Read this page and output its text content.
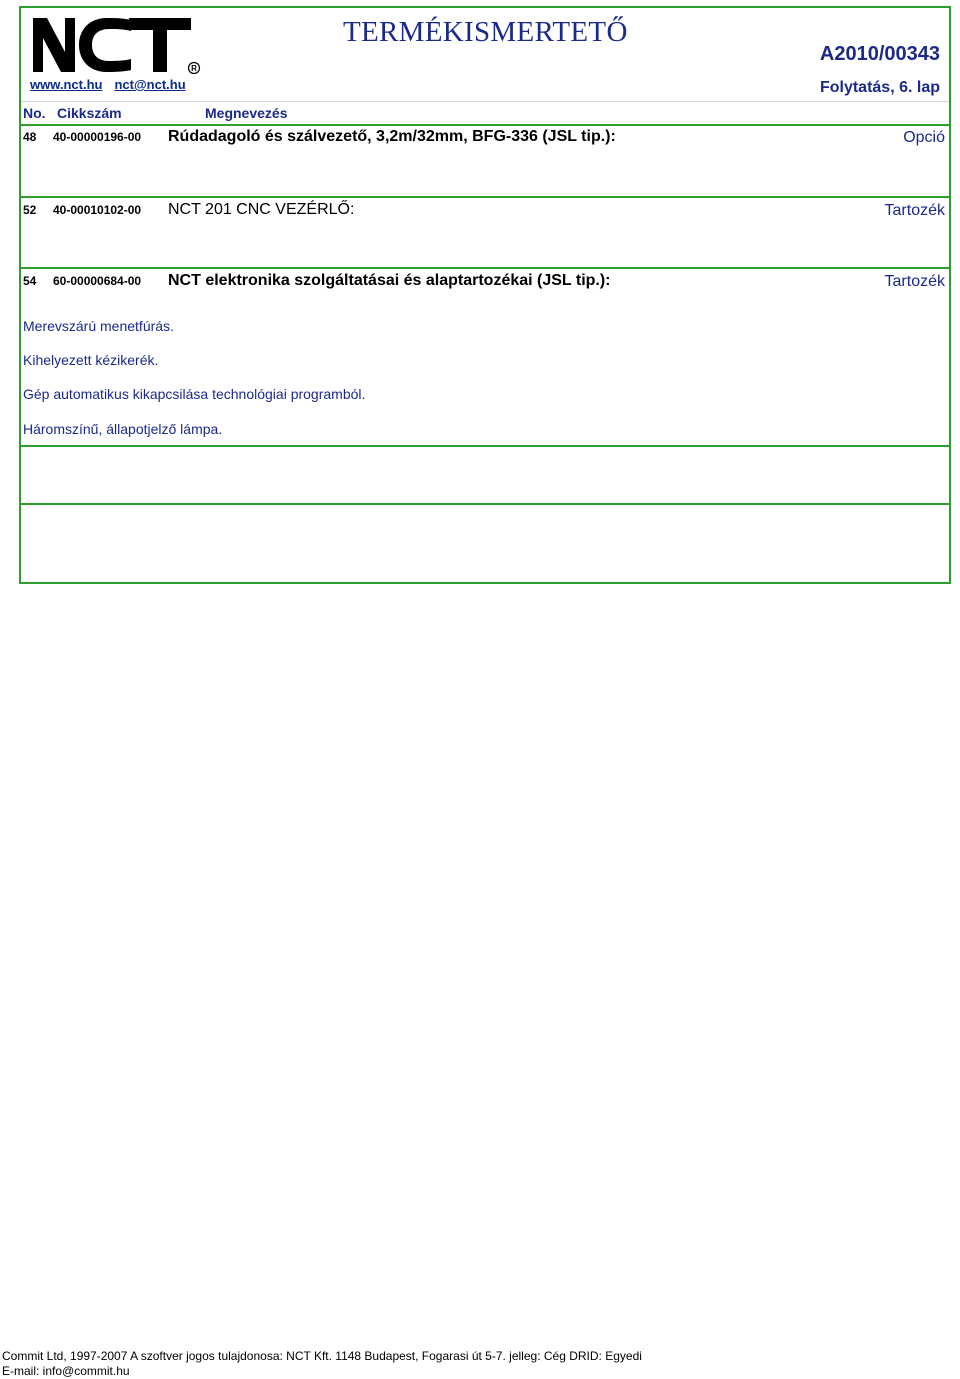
R
www.nct.hu nct@nct.hu
TERMÉKISMERTETŐ
A2010/00343
Folytatás, 6. lap
No. Cikkszám	Megnevezés
48 40-00000196-00 Rúdadagoló és szálvezető, 3,2m/32mm, BFG-336 (JSL tip.):	Opció
52 40-00010102-00 NCT 201 CNC VEZÉRLŐ:	Tartozék
54 60-00000684-00 NCT elektronika szolgáltatásai és alaptartozékai (JSL tip.):	Tartozék
Merevszárú menetfúrás.
Kihelyezett kézikerék.
Gép automatikus kikapcsilása technológiai programból.
Háromszínű, állapotjelző lámpa.
Commit Ltd, 1997-2007 A szoftver jogos tulajdonosa: NCT Kft. 1148 Budapest, Fogarasi út 5-7. jelleg: Cég DRID: Egyedi
E-mail: info@commit.hu
